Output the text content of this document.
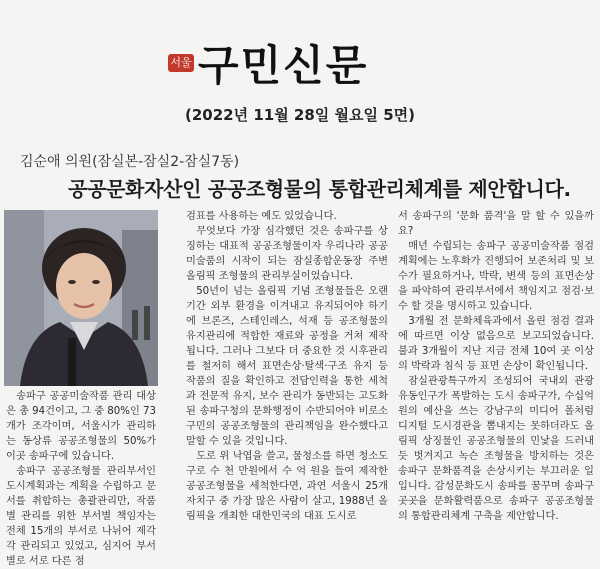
서울 구민신문
(2022년 11월 28일 월요일 5면)
김순애 의원(잠실본-잠실2-잠실7동)
공공문화자산인 공공조형물의 통합관리체계를 제안합니다.

송파구 공공미술작품 관리 대상은 총 94건이고, 그 중 80%인 73개가 조각이며, 서울시가 관리하는 동상류 공공조형물의 50%가 이곳 송파구에 있습니다.

송파구 공공조형물 관리부서인 도시계획과는 계획을 수립하고 문서를 취합하는 총괄관리만, 작품별 관리를 위한 부서별 책임자는 전체 15개의 부서로 나뉘어 제각각 관리되고 있었고, 심지어 부서별로 서로 다른 점

검표를 사용하는 예도 있었습니다.

무엇보다 가장 심각했던 것은 송파구를 상징하는 대표적 공공조형물이자 우리나라 공공미술품의 시작이 되는 잠실종합운동장 주변 올림픽 조형물의 관리부실이었습니다.

50년이 넘는 올림픽 기념 조형물들은 오랜 기간 외부 환경을 이겨내고 유지되어야 하기에 브론즈, 스테인레스, 석재 등 공조형물의 유지관리에 적합한 재료와 공정을 거쳐 제작됩니다. 그러나 그보다 더 중요한 것 시후관리를 철저히 해서 표면손상·탈색·구조 유지 등 작품의 질을 확인하고 전담인력을 통한 세척과 전문적 유지, 보수 관리가 동반되는 고도화된 송파구청의 문화행정이 수반되어야 비로소 구민의 공공조형물의 관리책임을 완수했다고 말할 수 있을 것입니다.

도로 위 낙엽을 쓸고, 물청소를 하면 청소도구로 수 천 만원에서 수 억 원을 들여 제작한 공공조형물을 세척한다면, 과연 서울시 25개 자치구 중 가장 많은 사람이 살고, 1988년 올림픽을 개최한 대한민국의 대표 도시로

서 송파구의 '문화 품격'을 말 할 수 있을까요?

매년 수립되는 송파구 공공미술작품 점검계획에는 노후화가 진행되어 보존처리 및 보수가 필요하거나, 박락, 변색 등의 표면손상을 파악하여 관리부서에서 책임지고 점검·보수 할 것을 명시하고 있습니다.

3개월 전 문화체육과에서 올린 점검 결과에 따르면 이상 없음으로 보고되었습니다. 불과 3개월이 지난 지금 전체 10여 곳 이상의 박락과 침식 등 표면 손상이 확인됩니다.

잠실관광특구까지 조성되어 국내외 관광유동인구가 폭발하는 도시 송파구가, 수십억 원의 예산을 쓰는 강남구의 미디어 폴처럼 디지털 도시경관을 뽐내지는 못하더라도 올림픽 상징물인 공공조형물의 민낯을 드러내듯 벗겨지고 녹슨 조형물을 방치하는 것은 송파구 문화품격을 손상시키는 부끄러운 일입니다. 감성문화도시 송파를 꿈꾸며 송파구 곳곳을 문화활력품으로 송파구 공공조형물의 통합관리체계 구축을 제안합니다.
